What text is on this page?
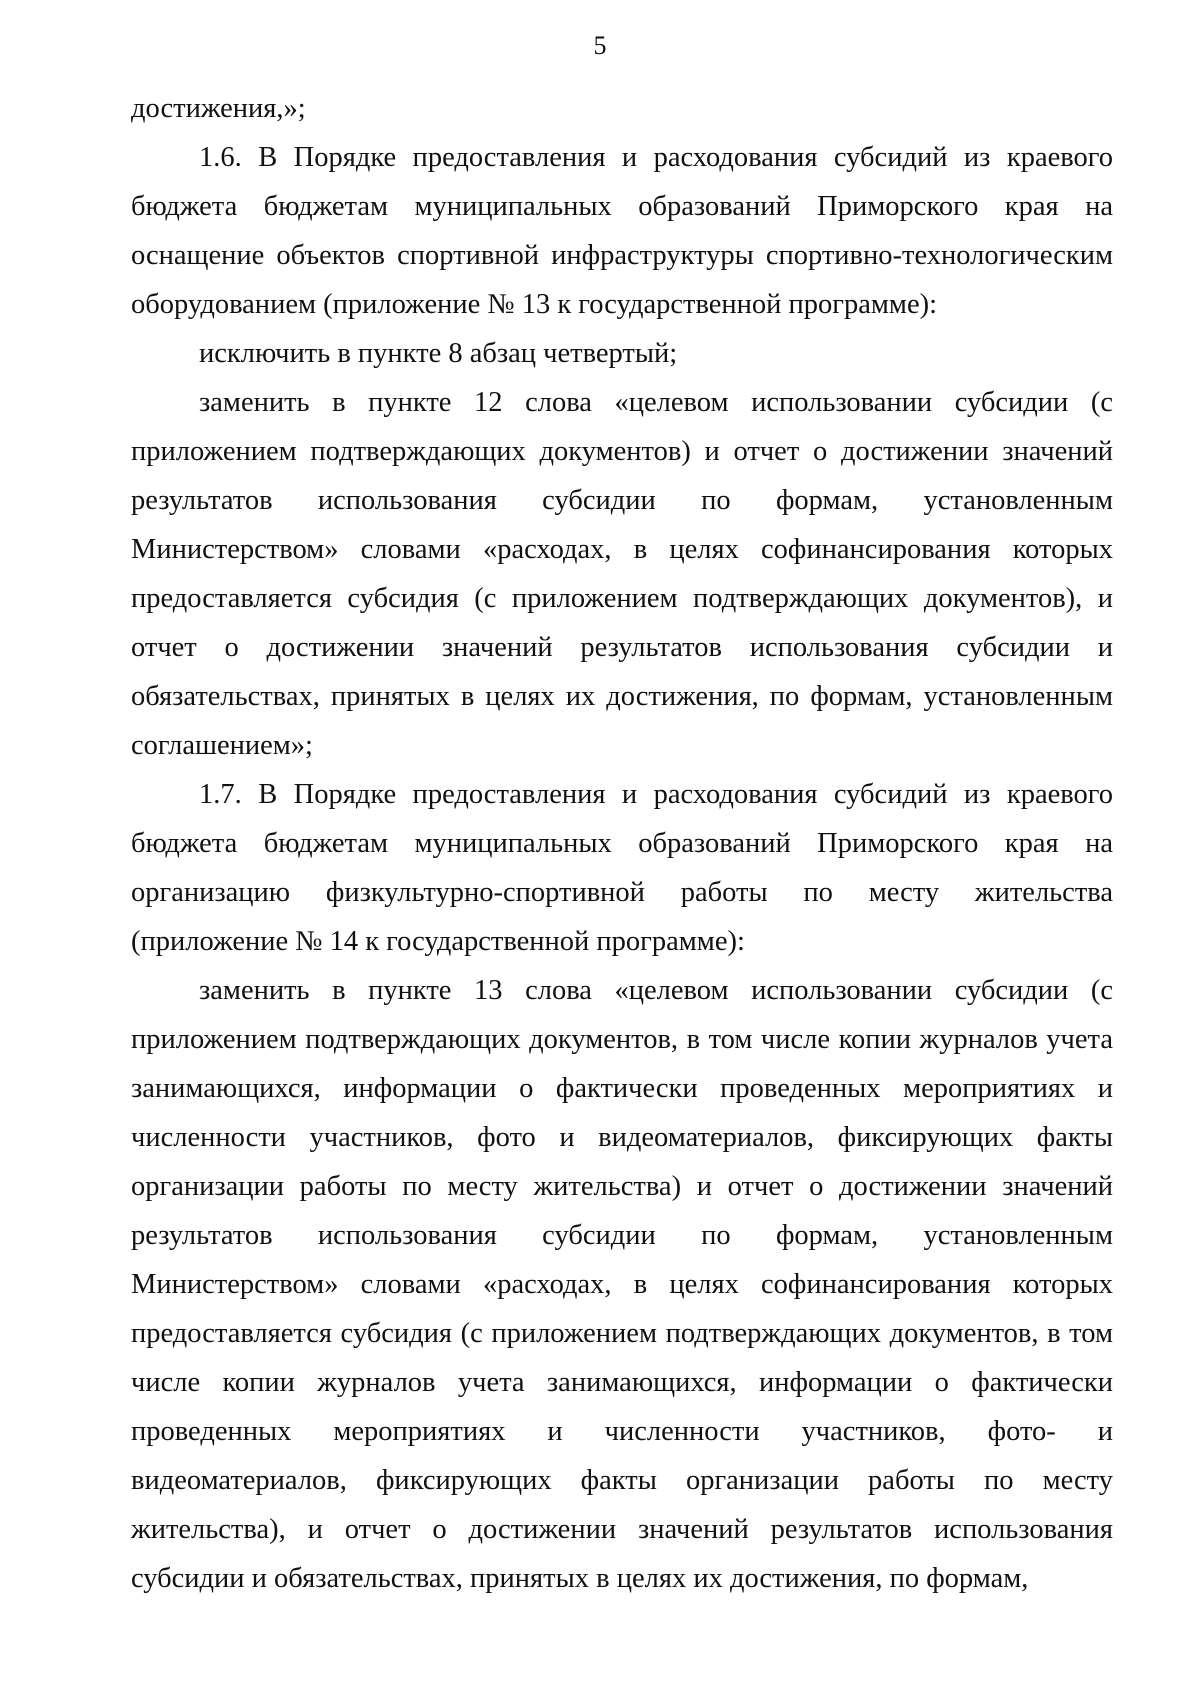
5

достижения,»;

1.6. В Порядке предоставления и расходования субсидий из краевого бюджета бюджетам муниципальных образований Приморского края на оснащение объектов спортивной инфраструктуры спортивно-технологическим оборудованием (приложение № 13 к государственной программе):

исключить в пункте 8 абзац четвертый;

заменить в пункте 12 слова «целевом использовании субсидии (с приложением подтверждающих документов) и отчет о достижении значений результатов использования субсидии по формам, установленным Министерством» словами «расходах, в целях софинансирования которых предоставляется субсидия (с приложением подтверждающих документов), и отчет о достижении значений результатов использования субсидии и обязательствах, принятых в целях их достижения, по формам, установленным соглашением»;

1.7. В Порядке предоставления и расходования субсидий из краевого бюджета бюджетам муниципальных образований Приморского края на организацию физкультурно-спортивной работы по месту жительства (приложение № 14 к государственной программе):

заменить в пункте 13 слова «целевом использовании субсидии (с приложением подтверждающих документов, в том числе копии журналов учета занимающихся, информации о фактически проведенных мероприятиях и численности участников, фото и видеоматериалов, фиксирующих факты организации работы по месту жительства) и отчет о достижении значений результатов использования субсидии по формам, установленным Министерством» словами «расходах, в целях софинансирования которых предоставляется субсидия (с приложением подтверждающих документов, в том числе копии журналов учета занимающихся, информации о фактически проведенных мероприятиях и численности участников, фото- и видеоматериалов, фиксирующих факты организации работы по месту жительства), и отчет о достижении значений результатов использования субсидии и обязательствах, принятых в целях их достижения, по формам,
